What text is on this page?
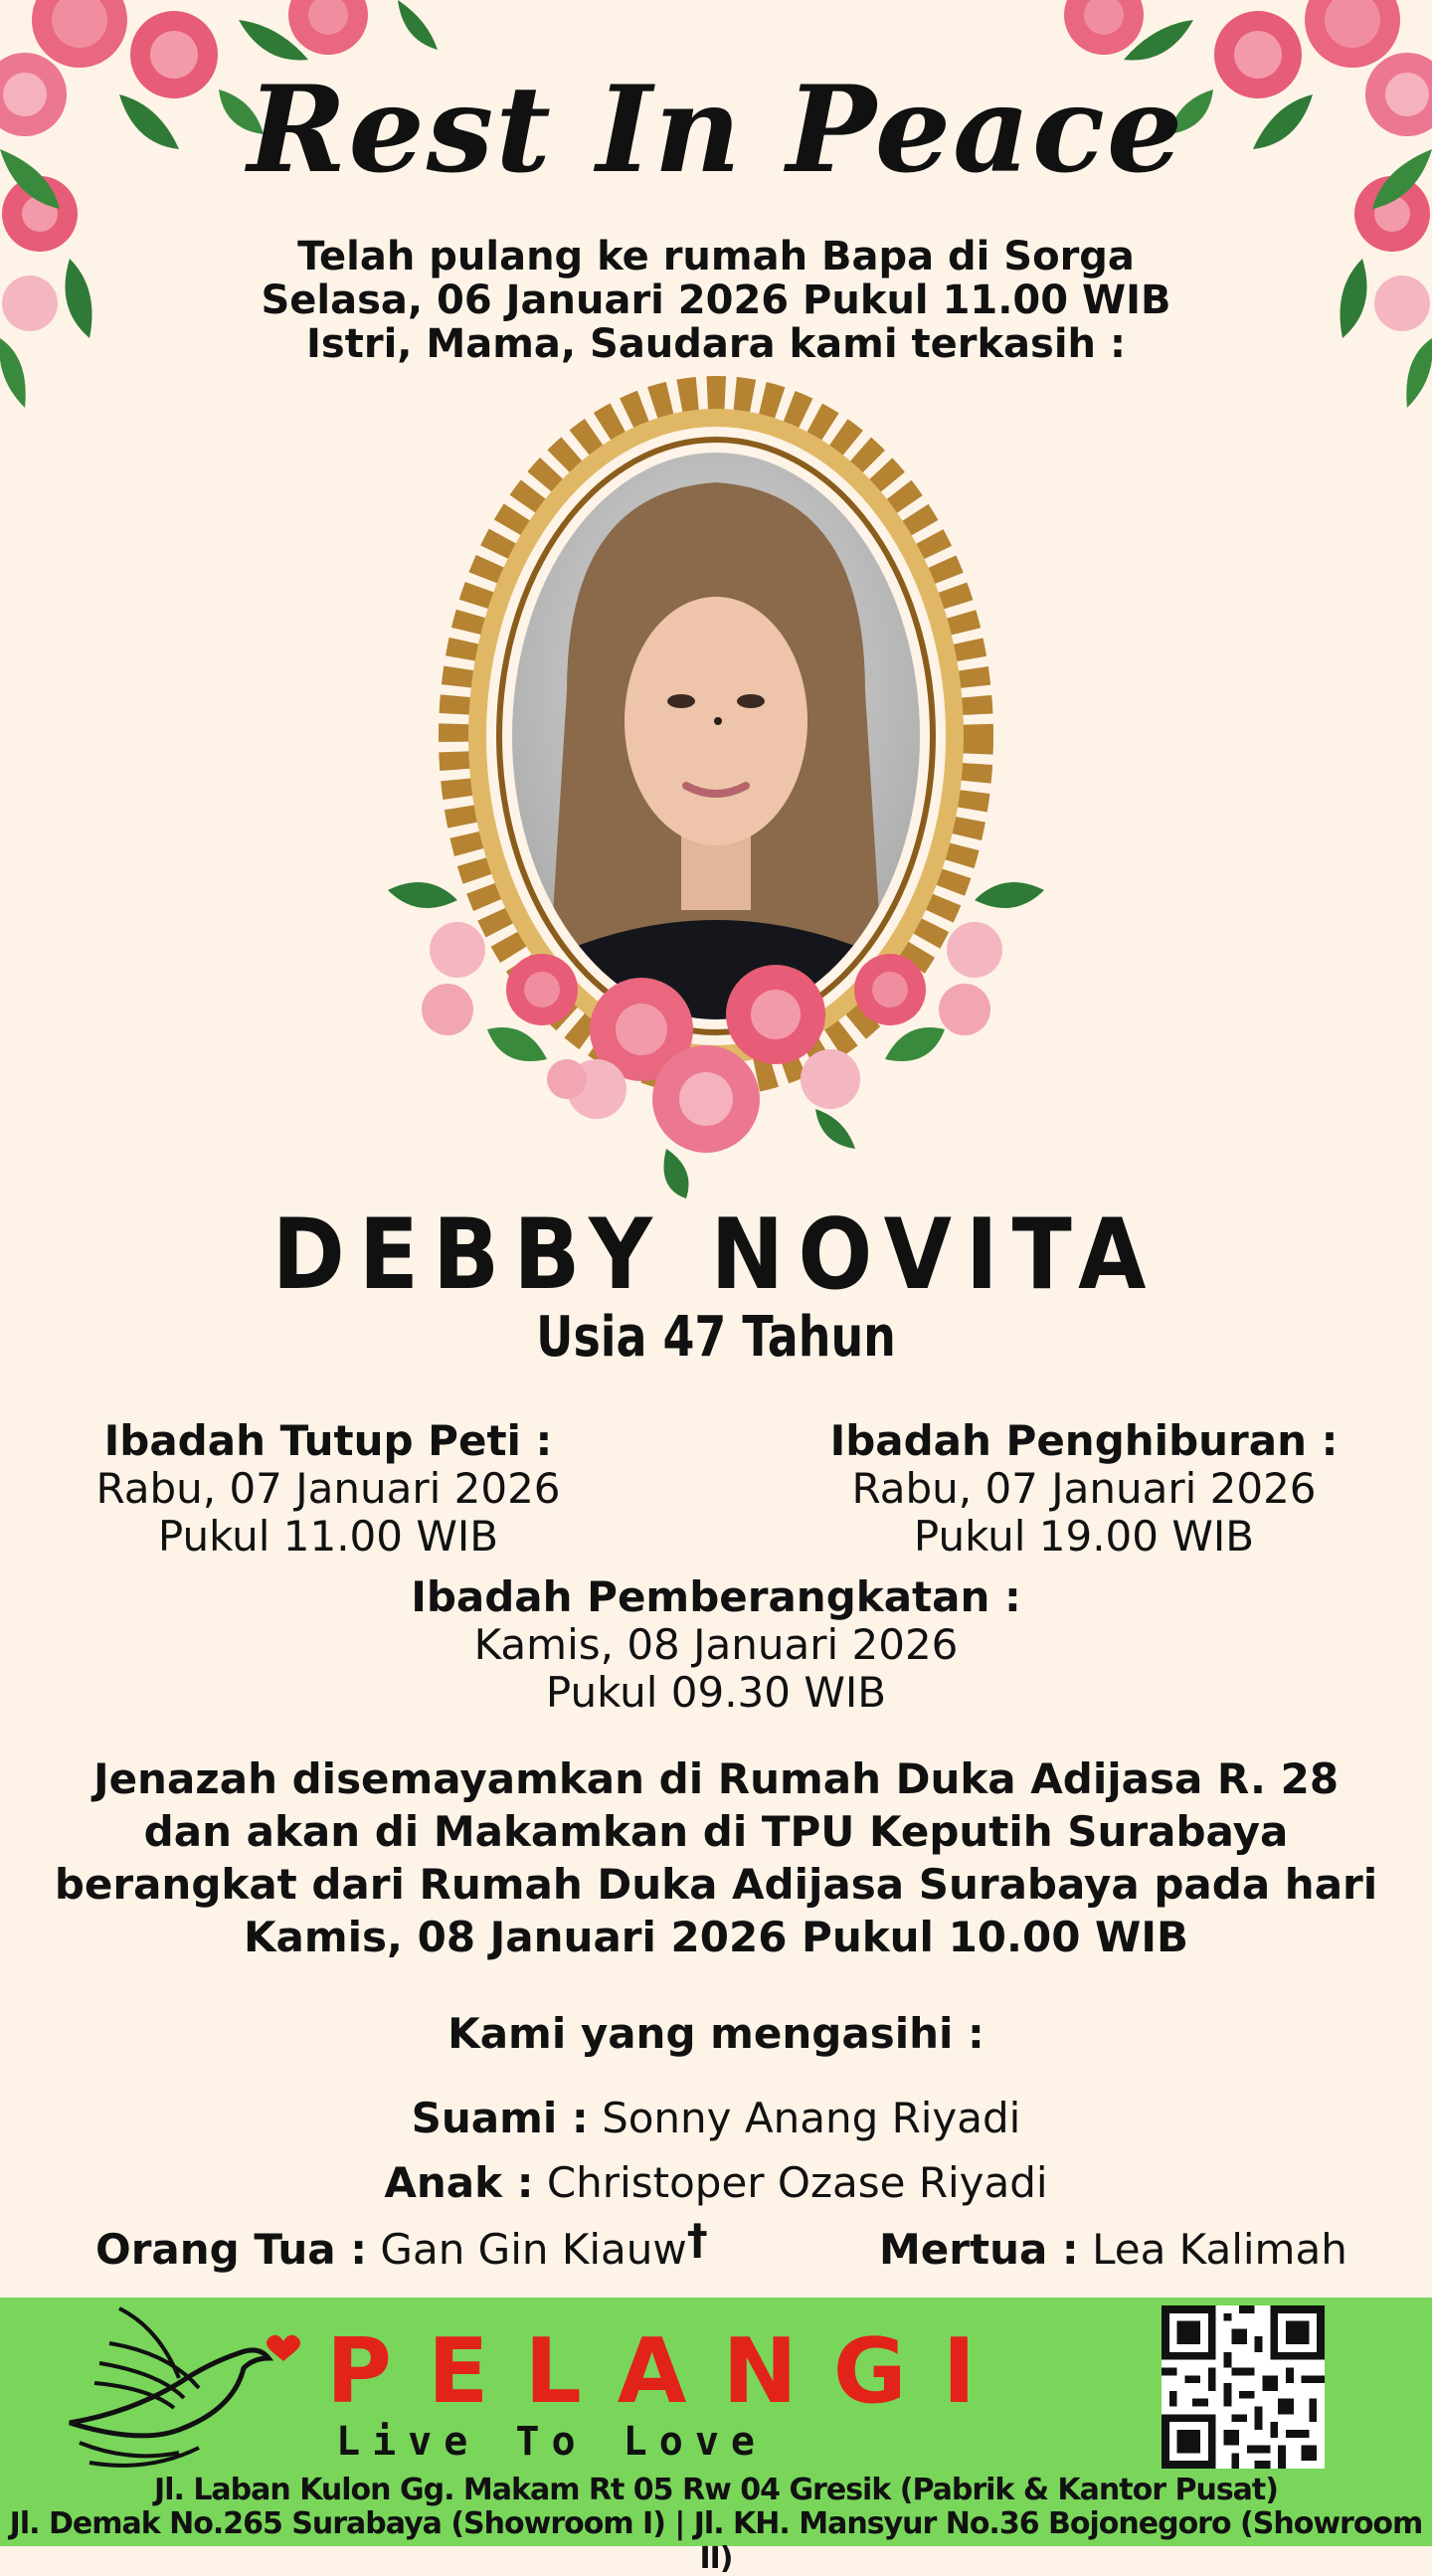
Rest In Peace
Telah pulang ke rumah Bapa di Sorga
Selasa, 06 Januari 2026 Pukul 11.00 WIB
Istri, Mama, Saudara kami terkasih :
DEBBY NOVITA
Usia 47 Tahun
Ibadah Tutup Peti :
Rabu, 07 Januari 2026
Pukul 11.00 WIB
Ibadah Penghiburan :
Rabu, 07 Januari 2026
Pukul 19.00 WIB
Ibadah Pemberangkatan :
Kamis, 08 Januari 2026
Pukul 09.30 WIB
Jenazah disemayamkan di Rumah Duka Adijasa R. 28
dan akan di Makamkan di TPU Keputih Surabaya
berangkat dari Rumah Duka Adijasa Surabaya pada hari
Kamis, 08 Januari 2026 Pukul 10.00 WIB
Kami yang mengasihi :
Suami : Sonny Anang Riyadi
Anak : Christoper Ozase Riyadi
Orang Tua : Gan Gin Kiauw†	Mertua : Lea Kalimah
PELANGI
Live To Love
Jl. Laban Kulon Gg. Makam Rt 05 Rw 04 Gresik (Pabrik & Kantor Pusat)
Jl. Demak No.265 Surabaya (Showroom I) | Jl. KH. Mansyur No.36 Bojonegoro (Showroom II)
